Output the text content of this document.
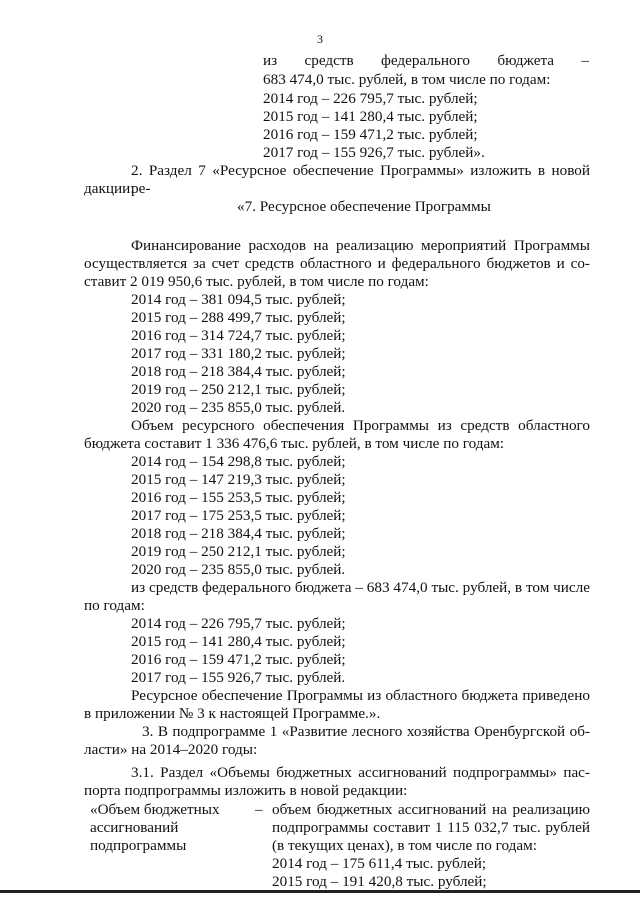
3
из средств федерального бюджета –
683 474,0 тыс. рублей, в том числе по годам:
2014 год – 226 795,7 тыс. рублей;
2015 год – 141 280,4 тыс. рублей;
2016 год – 159 471,2 тыс. рублей;
2017 год – 155 926,7 тыс. рублей».
2. Раздел 7 «Ресурсное обеспечение Программы» изложить в новой ре-
дакции:
«7. Ресурсное обеспечение Программы
Финансирование расходов на реализацию мероприятий Программы
осуществляется за счет средств областного и федерального бюджетов и со-
ставит 2 019 950,6 тыс. рублей, в том числе по годам:
2014 год – 381 094,5 тыс. рублей;
2015 год – 288 499,7 тыс. рублей;
2016 год – 314 724,7 тыс. рублей;
2017 год – 331 180,2 тыс. рублей;
2018 год – 218 384,4 тыс. рублей;
2019 год – 250 212,1 тыс. рублей;
2020 год – 235 855,0 тыс. рублей.
Объем ресурсного обеспечения Программы из средств областного
бюджета составит 1 336 476,6 тыс. рублей, в том числе по годам:
2014 год – 154 298,8 тыс. рублей;
2015 год – 147 219,3 тыс. рублей;
2016 год – 155 253,5 тыс. рублей;
2017 год – 175 253,5 тыс. рублей;
2018 год – 218 384,4 тыс. рублей;
2019 год – 250 212,1 тыс. рублей;
2020 год – 235 855,0 тыс. рублей.
из средств федерального бюджета – 683 474,0 тыс. рублей, в том числе
по годам:
2014 год – 226 795,7 тыс. рублей;
2015 год – 141 280,4 тыс. рублей;
2016 год – 159 471,2 тыс. рублей;
2017 год – 155 926,7 тыс. рублей.
Ресурсное обеспечение Программы из областного бюджета приведено
в приложении № 3 к настоящей Программе.».
3. В подпрограмме 1 «Развитие лесного хозяйства Оренбургской об-
ласти» на 2014–2020 годы:
3.1. Раздел «Объемы бюджетных ассигнований подпрограммы» пас-
порта подпрограммы изложить в новой редакции:
«Объем бюджетных
ассигнований
подпрограммы
– объем бюджетных ассигнований на реализацию
подпрограммы составит 1 115 032,7 тыс. рублей
(в текущих ценах), в том числе по годам:
2014 год – 175 611,4 тыс. рублей;
2015 год – 191 420,8 тыс. рублей;
